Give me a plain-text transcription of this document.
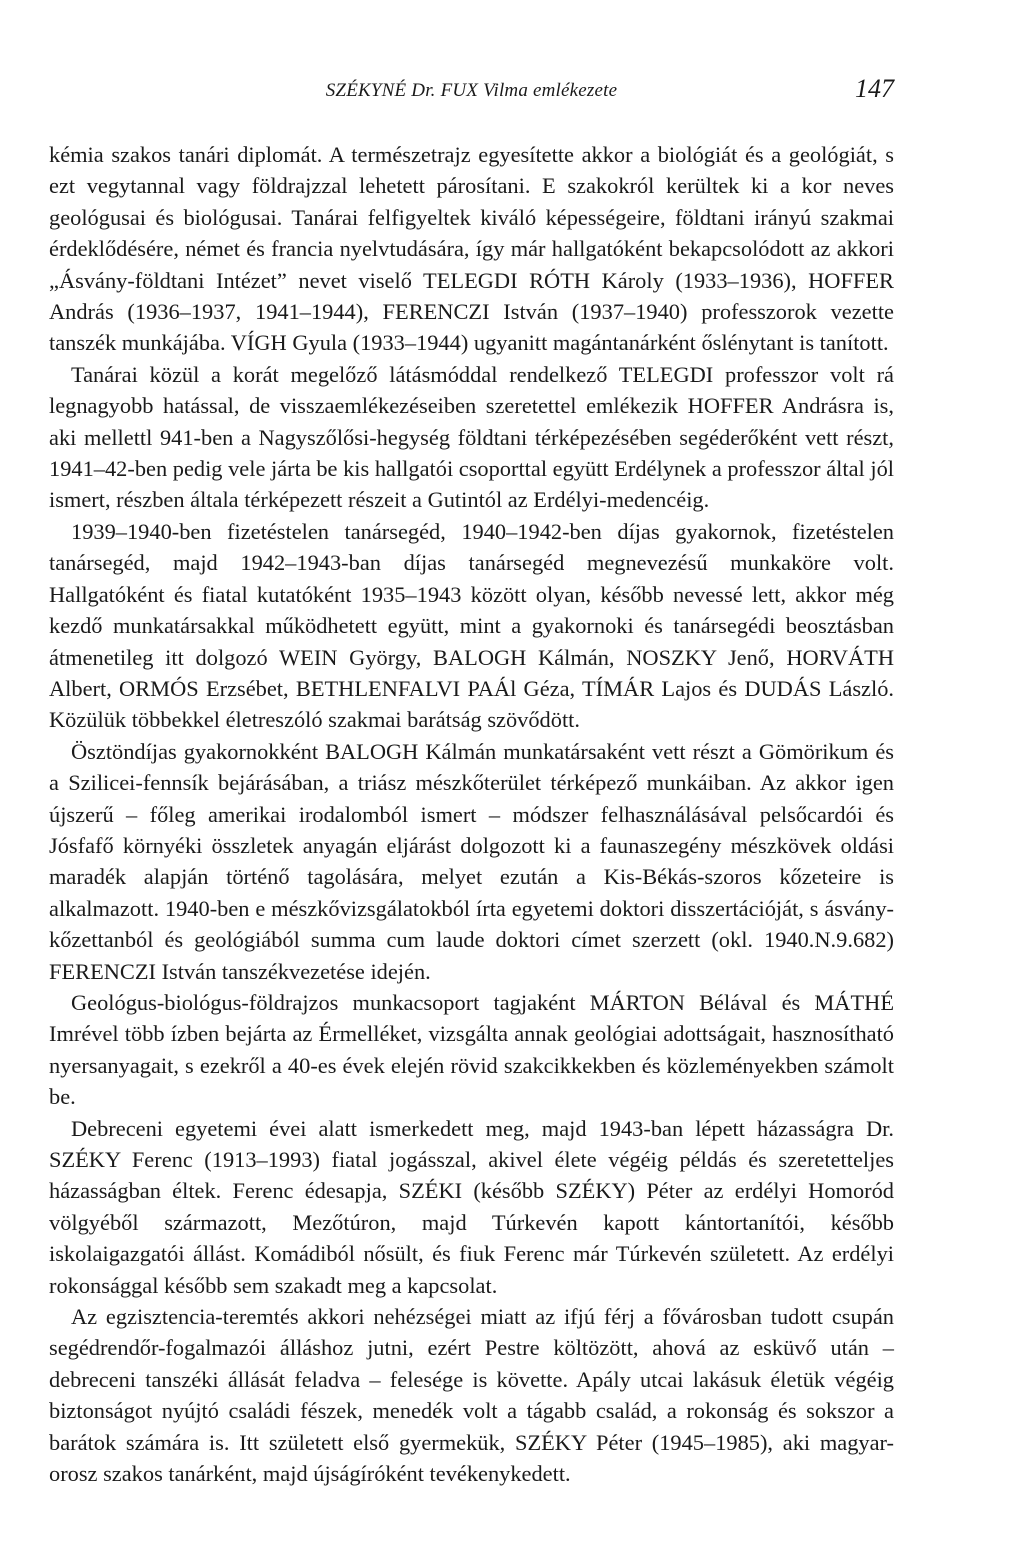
SZÉKYNÉ Dr. FUX Vilma emlékezete	147

kémia szakos tanári diplomát. A természetrajz egyesítette akkor a biológiát és a geológiát, s ezt vegytannal vagy földrajzzal lehetett párosítani. E szakokról kerültek ki a kor neves geológusai és biológusai. Tanárai felfigyeltek kiváló képességeire, földtani irányú szakmai érdeklődésére, német és francia nyelvtudására, így már hallgatóként bekapcsolódott az akkori „Ásvány-földtani Intézet” nevet viselő TELEGDI RÓTH Károly (1933–1936), HOFFER András (1936–1937, 1941–1944), FERENCZI István (1937–1940) professzorok vezette tanszék munkájába. VÍGH Gyula (1933–1944) ugyanitt magántanárként őslénytant is tanított.

Tanárai közül a korát megelőző látásmóddal rendelkező TELEGDI professzor volt rá legnagyobb hatással, de visszaemlékezéseiben szeretettel emlékezik HOFFER Andrásra is, aki mellettl 941-ben a Nagyszőlősi-hegység földtani térképezésében segéderőként vett részt, 1941–42-ben pedig vele járta be kis hallgatói csoporttal együtt Erdélynek a professzor által jól ismert, részben általa térképezett részeit a Gutintól az Erdélyi-medencéig.

1939–1940-ben fizetéstelen tanársegéd, 1940–1942-ben díjas gyakornok, fizetéstelen tanársegéd, majd 1942–1943-ban díjas tanársegéd megnevezésű munkaköre volt. Hallgatóként és fiatal kutatóként 1935–1943 között olyan, később nevessé lett, akkor még kezdő munkatársakkal működhetett együtt, mint a gyakornoki és tanársegédi beosztásban átmenetileg itt dolgozó WEIN György, BALOGH Kálmán, NOSZKY Jenő, HORVÁTH Albert, ORMÓS Erzsébet, BETHLENFALVI PAÁl Géza, TÍMÁR Lajos és DUDÁS László. Közülük többekkel életreszóló szakmai barátság szövődött.

Ösztöndíjas gyakornokként BALOGH Kálmán munkatársaként vett részt a Gömörikum és a Szilicei-fennsík bejárásában, a triász mészkőterület térképező munkáiban. Az akkor igen újszerű – főleg amerikai irodalomból ismert – módszer felhasználásával pelsőcardói és Jósfafő környéki összletek anyagán eljárást dolgozott ki a faunaszegény mészkövek oldási maradék alapján történő tagolására, melyet ezután a Kis-Békás-szoros kőzeteire is alkalmazott. 1940-ben e mészkővizsgálatokból írta egyetemi doktori disszertációját, s ásvány-kőzettanból és geológiából summa cum laude doktori címet szerzett (okl. 1940.N.9.682) FERENCZI István tanszékvezetése idején.

Geológus-biológus-földrajzos munkacsoport tagjaként MÁRTON Bélával és MÁTHÉ Imrével több ízben bejárta az Érmelléket, vizsgálta annak geológiai adottságait, hasznosítható nyersanyagait, s ezekről a 40-es évek elején rövid szakcikkekben és közleményekben számolt be.

Debreceni egyetemi évei alatt ismerkedett meg, majd 1943-ban lépett házasságra Dr. SZÉKY Ferenc (1913–1993) fiatal jogásszal, akivel élete végéig példás és szeretetteljes házasságban éltek. Ferenc édesapja, SZÉKI (később SZÉKY) Péter az erdélyi Homoród völgyéből származott, Mezőtúron, majd Túrkevén kapott kántortanítói, később iskolaigazgatói állást. Komádiból nősült, és fiuk Ferenc már Túrkevén született. Az erdélyi rokonsággal később sem szakadt meg a kapcsolat.

Az egzisztencia-teremtés akkori nehézségei miatt az ifjú férj a fővárosban tudott csupán segédrendőr-fogalmazói álláshoz jutni, ezért Pestre költözött, ahová az esküvő után – debreceni tanszéki állását feladva – felesége is követte. Apály utcai lakásuk életük végéig biztonságot nyújtó családi fészek, menedék volt a tágabb család, a rokonság és sokszor a barátok számára is. Itt született első gyermekük, SZÉKY Péter (1945–1985), aki magyar-orosz szakos tanárként, majd újságíróként tevékenykedett.
